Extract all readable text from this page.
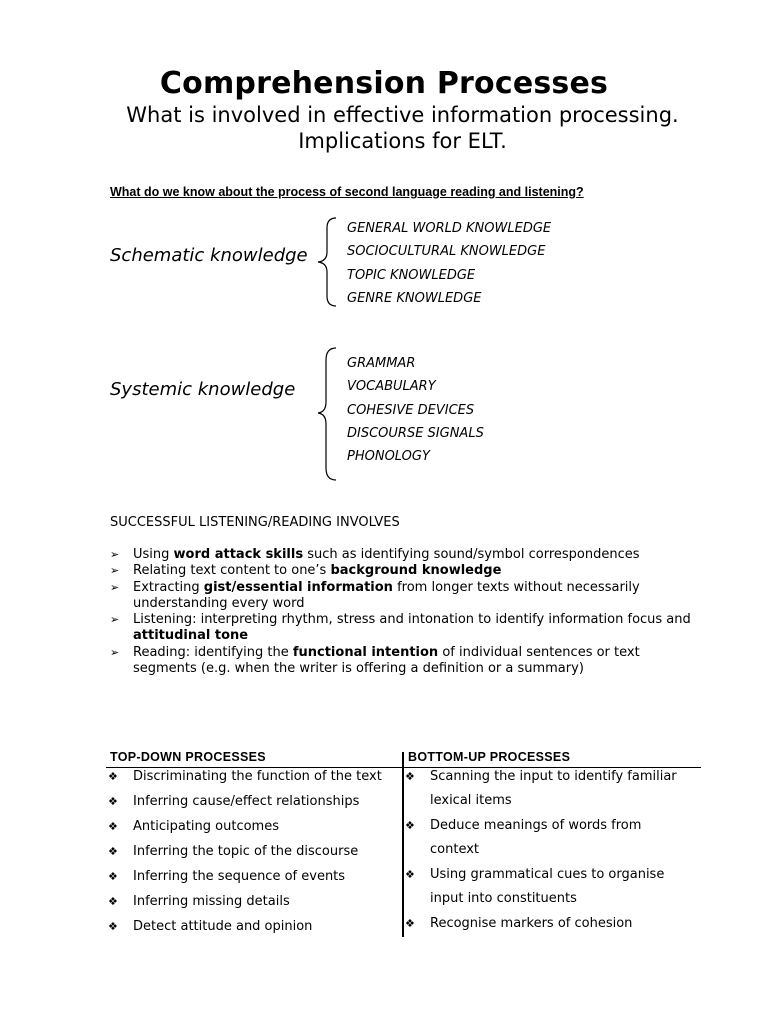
Comprehension Processes

What is involved in effective information processing. Implications for ELT.

What do we know about the process of second language reading and listening?

Schematic knowledge
GENERAL WORLD KNOWLEDGE
SOCIOCULTURAL KNOWLEDGE
TOPIC KNOWLEDGE
GENRE KNOWLEDGE
Systemic knowledge
GRAMMAR
VOCABULARY
COHESIVE DEVICES
DISCOURSE SIGNALS
PHONOLOGY

SUCCESSFUL LISTENING/READING INVOLVES

➢ Using word attack skills such as identifying sound/symbol correspondences
➢ Relating text content to one’s background knowledge
➢ Extracting gist/essential information from longer texts without necessarily understanding every word
➢ Listening: interpreting rhythm, stress and intonation to identify information focus and attitudinal tone
➢ Reading: identifying the functional intention of individual sentences or text segments (e.g. when the writer is offering a definition or a summary)
TOP-DOWN PROCESSES	BOTTOM-UP PROCESSES
❖ Discriminating the function of the text
❖ Inferring cause/effect relationships
❖ Anticipating outcomes
❖ Inferring the topic of the discourse
❖ Inferring the sequence of events
❖ Inferring missing details
❖ Detect attitude and opinion
❖ Scanning the input to identify familiar lexical items
❖ Deduce meanings of words from context
❖ Using grammatical cues to organise input into constituents
❖ Recognise markers of cohesion
